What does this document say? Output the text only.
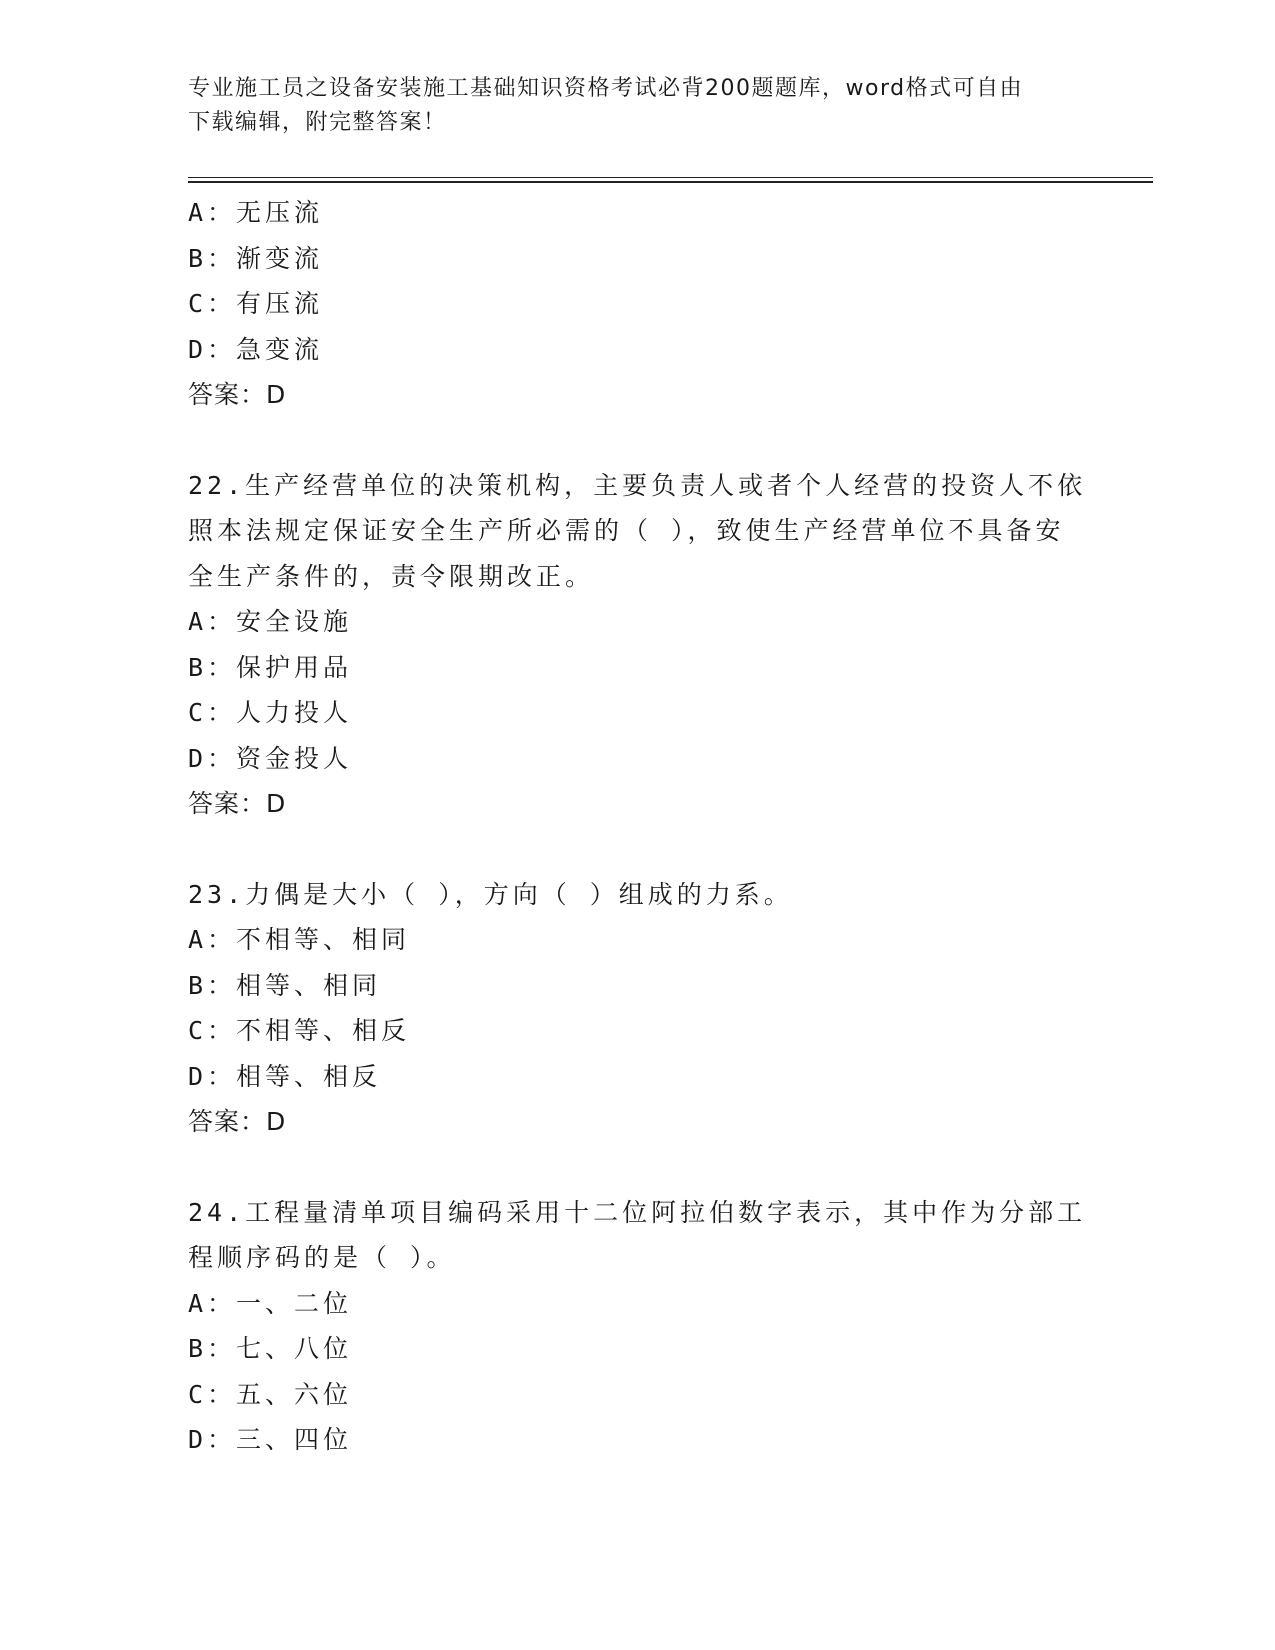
专业施工员之设备安装施工基础知识资格考试必背200题题库，word格式可自由
下载编辑，附完整答案！
A：无压流
B：渐变流
C：有压流
D：急变流
答案：D
22.生产经营单位的决策机构，主要负责人或者个人经营的投资人不依
照本法规定保证安全生产所必需的（ ），致使生产经营单位不具备安
全生产条件的，责令限期改正。
A：安全设施
B：保护用品
C：人力投人
D：资金投人
答案：D
23.力偶是大小（ ），方向（ ）组成的力系。
A：不相等、相同
B：相等、相同
C：不相等、相反
D：相等、相反
答案：D
24.工程量清单项目编码采用十二位阿拉伯数字表示，其中作为分部工
程顺序码的是（ ）。
A：一、二位
B：七、八位
C：五、六位
D：三、四位
